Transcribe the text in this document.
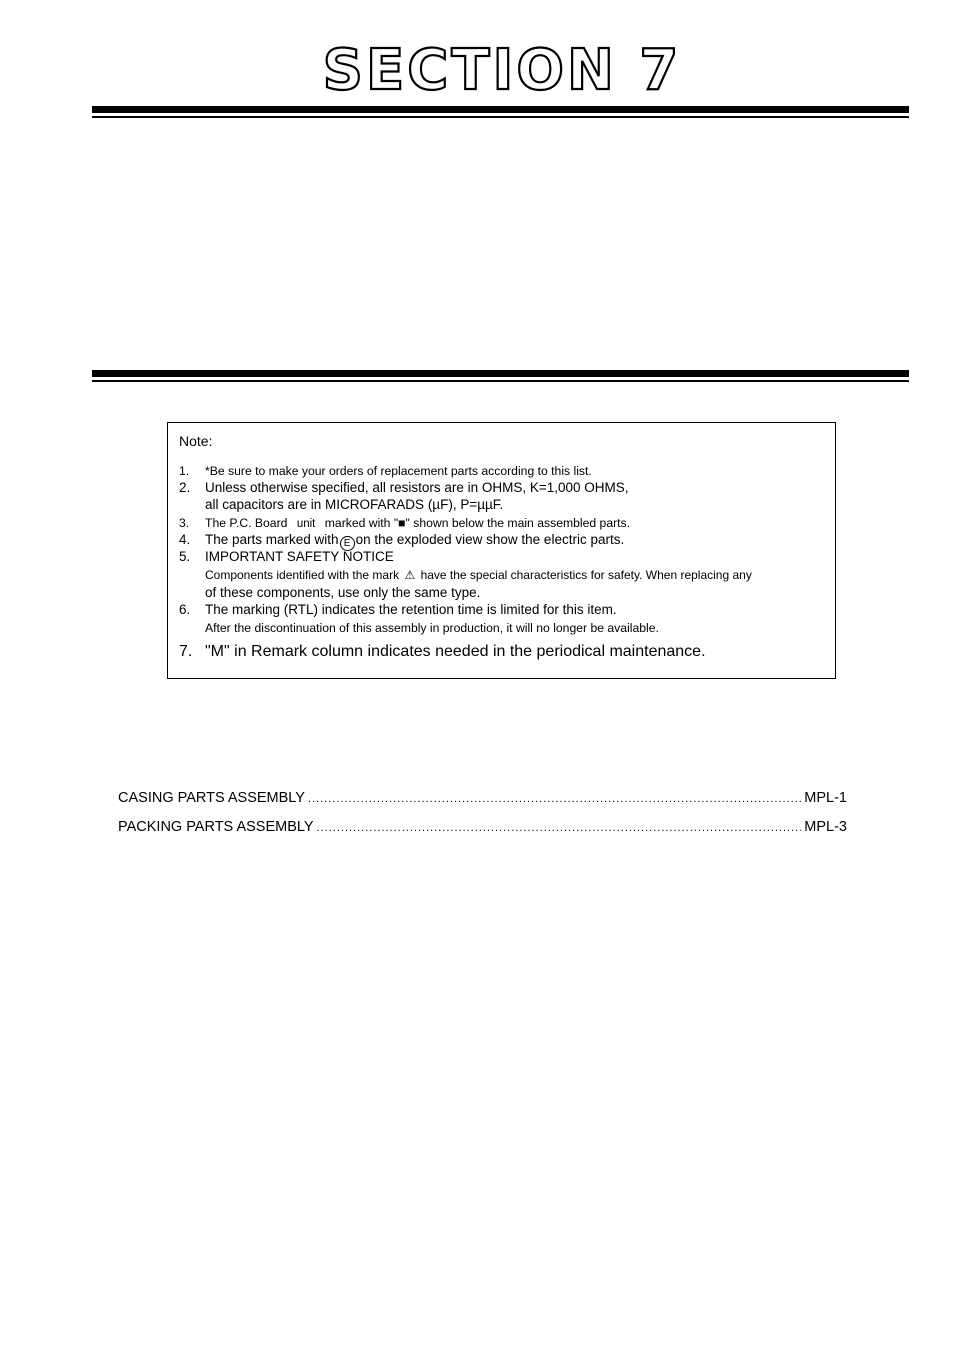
SECTION 7
Note:
1. *Be sure to make your orders of replacement parts according to this list.
2. Unless otherwise specified, all resistors are in OHMS, K=1,000 OHMS,
all capacitors are in MICROFARADS (µF), P=µµF.
3. The P.C. Board unit marked with "■" shown below the main assembled parts.
4. The parts marked with E on the exploded view show the electric parts.
5. IMPORTANT SAFETY NOTICE
Components identified with the mark ⚠ have the special characteristics for safety. When replacing any
of these components, use only the same type.
6. The marking (RTL) indicates the retention time is limited for this item.
After the discontinuation of this assembly in production, it will no longer be available.
7. "M" in Remark column indicates needed in the periodical maintenance.
CASING PARTS ASSEMBLY .....	MPL-1
PACKING PARTS ASSEMBLY .....	MPL-3
